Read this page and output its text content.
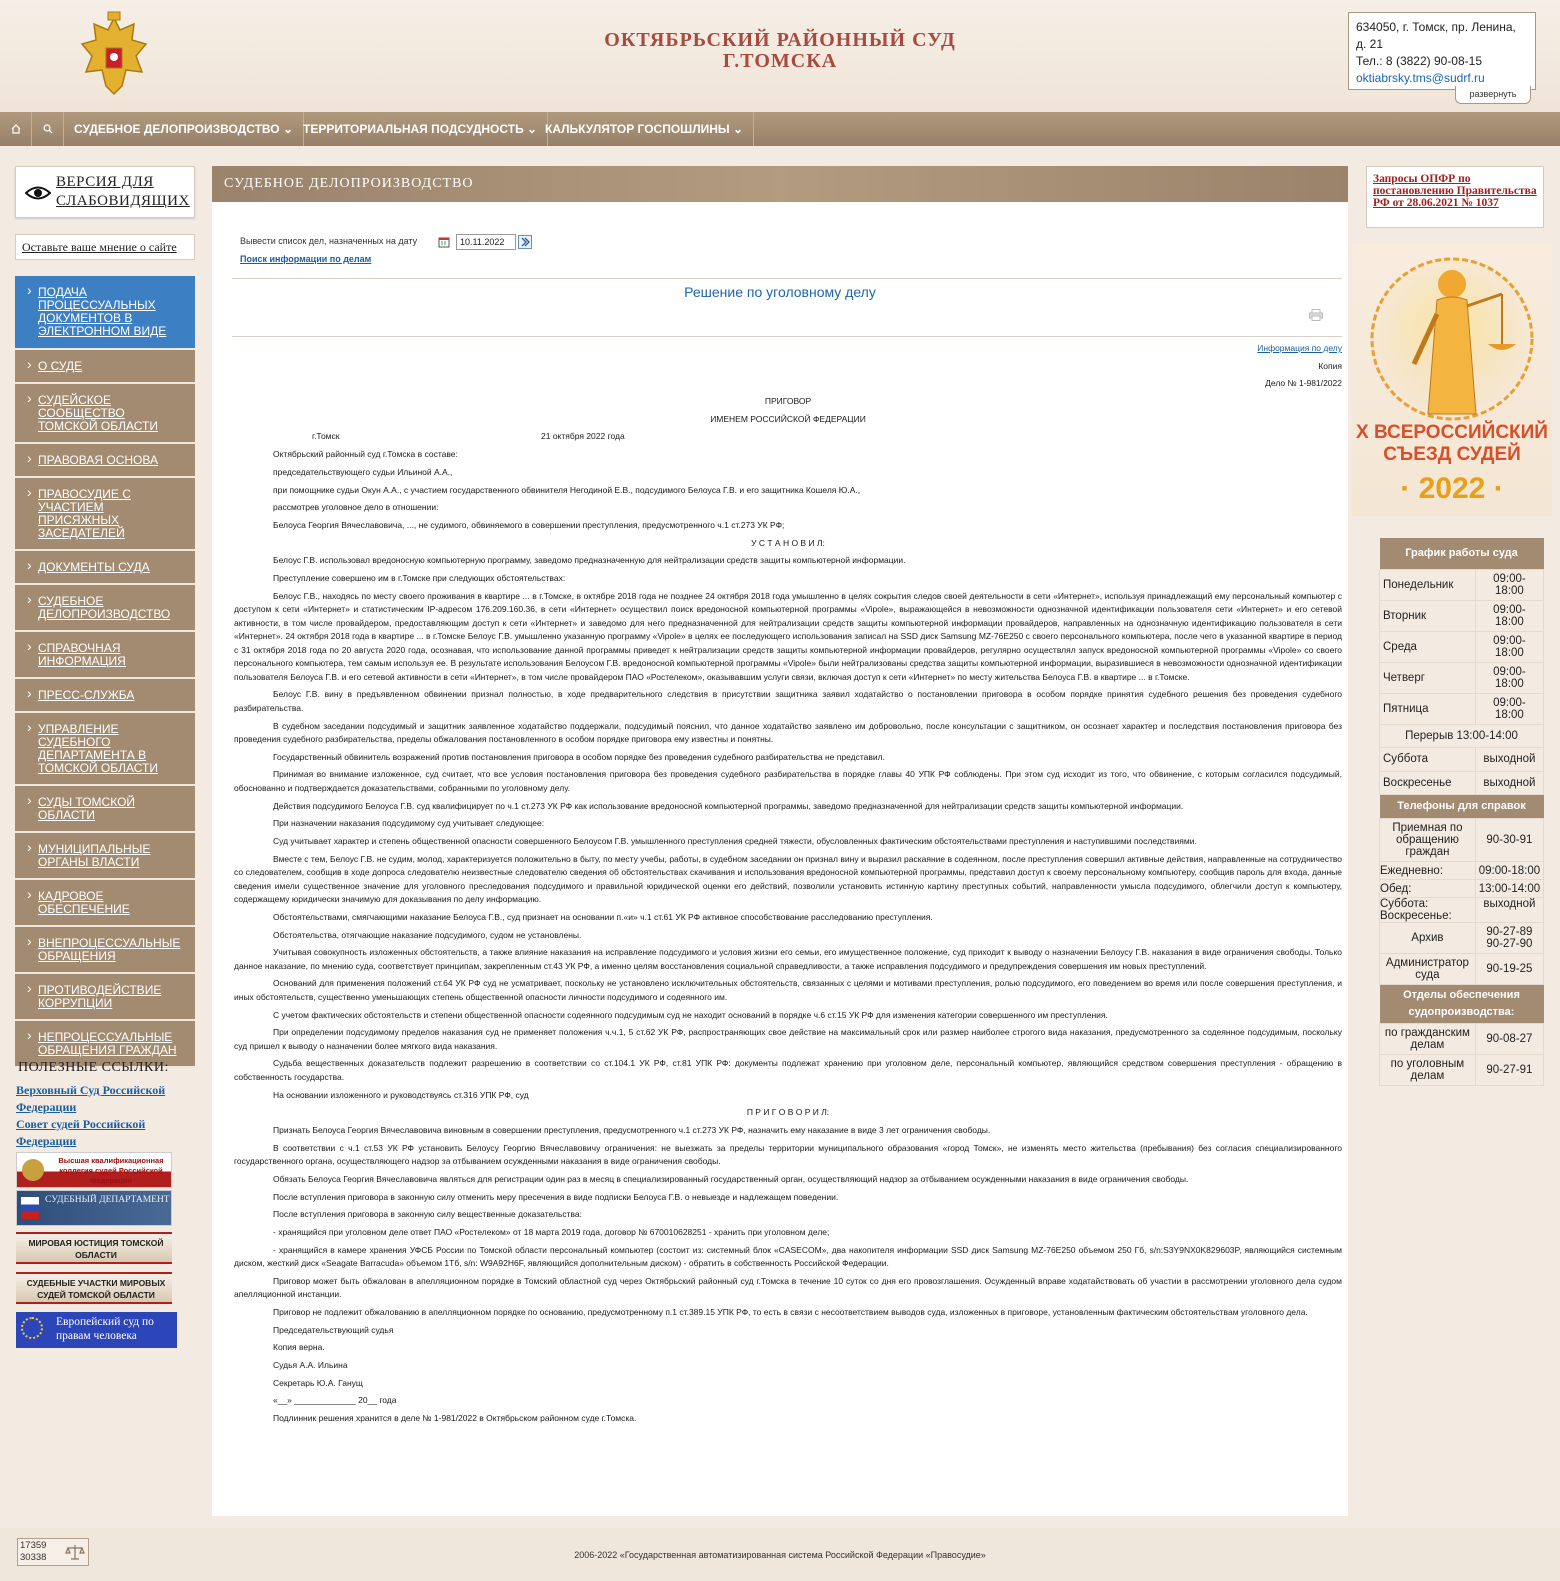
ОКТЯБРЬСКИЙ РАЙОННЫЙ СУД
Г.ТОМСКА
634050, г. Томск, пр. Ленина,
д. 21
Тел.: 8 (3822) 90-08-15
oktiabrsky.tms@sudrf.ru
развернуть
СУДЕБНОЕ ДЕЛОПРОИЗВОДСТВО ⌄ ТЕРРИТОРИАЛЬНАЯ ПОДСУДНОСТЬ ⌄ КАЛЬКУЛЯТОР ГОСПОШЛИНЫ ⌄
ВЕРСИЯ ДЛЯ СЛАБОВИДЯЩИХ
Оставьте ваше мнение о сайте
› ПОДАЧА ПРОЦЕССУАЛЬНЫХ ДОКУМЕНТОВ В ЭЛЕКТРОННОМ ВИДЕ
› О СУДЕ
› СУДЕЙСКОЕ СООБЩЕСТВО ТОМСКОЙ ОБЛАСТИ
› ПРАВОВАЯ ОСНОВА
› ПРАВОСУДИЕ С УЧАСТИЕМ ПРИСЯЖНЫХ ЗАСЕДАТЕЛЕЙ
› ДОКУМЕНТЫ СУДА
› СУДЕБНОЕ ДЕЛОПРОИЗВОДСТВО
› СПРАВОЧНАЯ ИНФОРМАЦИЯ
› ПРЕСС-СЛУЖБА
› УПРАВЛЕНИЕ СУДЕБНОГО ДЕПАРТАМЕНТА В ТОМСКОЙ ОБЛАСТИ
› СУДЫ ТОМСКОЙ ОБЛАСТИ
› МУНИЦИПАЛЬНЫЕ ОРГАНЫ ВЛАСТИ
› КАДРОВОЕ ОБЕСПЕЧЕНИЕ
› ВНЕПРОЦЕССУАЛЬНЫЕ ОБРАЩЕНИЯ
› ПРОТИВОДЕЙСТВИЕ КОРРУПЦИИ
› НЕПРОЦЕССУАЛЬНЫЕ ОБРАЩЕНИЯ ГРАЖДАН
ПОЛЕЗНЫЕ ССЫЛКИ:
Верховный Суд Российской Федерации
Совет судей Российской Федерации
Высшая квалификационная коллегия судей Российской Федерации
СУДЕБНЫЙ ДЕПАРТАМЕНТ
МИРОВАЯ ЮСТИЦИЯ ТОМСКОЙ ОБЛАСТИ
СУДЕБНЫЕ УЧАСТКИ МИРОВЫХ СУДЕЙ ТОМСКОЙ ОБЛАСТИ
Европейский суд по правам человека
СУДЕБНОЕ ДЕЛОПРОИЗВОДСТВО
Вывести список дел, назначенных на дату	10.11.2022
Поиск информации по делам
Решение по уголовному делу

Информация по делу

Копия

Дело № 1-981/2022

ПРИГОВОР

ИМЕНЕМ РОССИЙСКОЙ ФЕДЕРАЦИИ

г.Томск	21 октября 2022 года

Октябрьский районный суд г.Томска в составе:

председательствующего судьи Ильиной А.А.,

при помощнике судьи Окун А.А., с участием государственного обвинителя Негодиной Е.В., подсудимого Белоуса Г.В. и его защитника Кошеля Ю.А.,

рассмотрев уголовное дело в отношении:

Белоуса Георгия Вячеславовича, ..., не судимого, обвиняемого в совершении преступления, предусмотренного ч.1 ст.273 УК РФ;

У С Т А Н О В И Л:

Белоус Г.В. использовал вредоносную компьютерную программу, заведомо предназначенную для нейтрализации средств защиты компьютерной информации.

Преступление совершено им в г.Томске при следующих обстоятельствах:

Белоус Г.В., находясь по месту своего проживания в квартире ... в г.Томске, в октябре 2018 года не позднее 24 октября 2018 года умышленно в целях сокрытия следов своей деятельности в сети «Интернет», используя принадлежащий ему персональный компьютер с доступом к сети «Интернет» и статистическим IP-адресом 176.209.160.36, в сети «Интернет» осуществил поиск вредоносной компьютерной программы «Vipole», выражающейся в невозможности однозначной идентификации пользователя сети «Интернет» и его сетевой активности, в том числе провайдером, предоставляющим доступ к сети «Интернет» и заведомо для него предназначенной для нейтрализации средств защиты компьютерной информации провайдеров, направленных на однозначную идентификацию пользователя в сети «Интернет». 24 октября 2018 года в квартире ... в г.Томске Белоус Г.В. умышленно указанную программу «Vipole» в целях ее последующего использования записал на SSD диск Samsung MZ-76E250 с своего персонального компьютера, после чего в указанной квартире в период с 31 октября 2018 года по 20 августа 2020 года, осознавая, что использование данной программы приведет к нейтрализации средств защиты компьютерной информации провайдеров, регулярно осуществлял запуск вредоносной компьютерной программы «Vipole» со своего персонального компьютера, тем самым используя ее. В результате использования Белоусом Г.В. вредоносной компьютерной программы «Vipole» были нейтрализованы средства защиты компьютерной информации, выразившиеся в невозможности однозначной идентификации пользователя Белоуса Г.В. и его сетевой активности в сети «Интернет», в том числе провайдером ПАО «Ростелеком», оказывавшим услуги связи, включая доступ к сети «Интернет» по месту жительства Белоуса Г.В. в квартире ... в г.Томске.

Белоус Г.В. вину в предъявленном обвинении признал полностью, в ходе предварительного следствия в присутствии защитника заявил ходатайство о постановлении приговора в особом порядке принятия судебного решения без проведения судебного разбирательства.

В судебном заседании подсудимый и защитник заявленное ходатайство поддержали, подсудимый пояснил, что данное ходатайство заявлено им добровольно, после консультации с защитником, он осознает характер и последствия постановления приговора без проведения судебного разбирательства, пределы обжалования постановленного в особом порядке приговора ему известны и понятны.

Государственный обвинитель возражений против постановления приговора в особом порядке без проведения судебного разбирательства не представил.

Принимая во внимание изложенное, суд считает, что все условия постановления приговора без проведения судебного разбирательства в порядке главы 40 УПК РФ соблюдены. При этом суд исходит из того, что обвинение, с которым согласился подсудимый, обоснованно и подтверждается доказательствами, собранными по уголовному делу.

Действия подсудимого Белоуса Г.В. суд квалифицирует по ч.1 ст.273 УК РФ как использование вредоносной компьютерной программы, заведомо предназначенной для нейтрализации средств защиты компьютерной информации.

При назначении наказания подсудимому суд учитывает следующее:

Суд учитывает характер и степень общественной опасности совершенного Белоусом Г.В. умышленного преступления средней тяжести, обусловленных фактическим обстоятельствами преступления и наступившими последствиями.

Вместе с тем, Белоус Г.В. не судим, молод, характеризуется положительно в быту, по месту учебы, работы, в судебном заседании он признал вину и выразил раскаяние в содеянном, после преступления совершил активные действия, направленные на сотрудничество со следователем, сообщив в ходе допроса следователю неизвестные следователю сведения об обстоятельствах скачивания и использования вредоносной компьютерной программы, представил доступ к своему персональному компьютеру, сообщив пароль для входа, данные сведения имели существенное значение для уголовного преследования подсудимого и правильной юридической оценки его действий, позволили установить истинную картину преступных событий, направленности умысла подсудимого, облегчили доступ к компьютеру, содержащему юридически значимую для доказывания по делу информацию.

Обстоятельствами, смягчающими наказание Белоуса Г.В., суд признает на основании п.«и» ч.1 ст.61 УК РФ активное способствование расследованию преступления.

Обстоятельства, отягчающие наказание подсудимого, судом не установлены.

Учитывая совокупность изложенных обстоятельств, а также влияние наказания на исправление подсудимого и условия жизни его семьи, его имущественное положение, суд приходит к выводу о назначении Белоусу Г.В. наказания в виде ограничения свободы. Только данное наказание, по мнению суда, соответствует принципам, закрепленным ст.43 УК РФ, а именно целям восстановления социальной справедливости, а также исправления подсудимого и предупреждения совершения им новых преступлений.

Оснований для применения положений ст.64 УК РФ суд не усматривает, поскольку не установлено исключительных обстоятельств, связанных с целями и мотивами преступления, ролью подсудимого, его поведением во время или после совершения преступления, и иных обстоятельств, существенно уменьшающих степень общественной опасности личности подсудимого и содеянного им.

С учетом фактических обстоятельств и степени общественной опасности содеянного подсудимым суд не находит оснований в порядке ч.6 ст.15 УК РФ для изменения категории совершенного им преступления.

При определении подсудимому пределов наказания суд не применяет положения ч.ч.1, 5 ст.62 УК РФ, распространяющих свое действие на максимальный срок или размер наиболее строгого вида наказания, предусмотренного за содеянное подсудимым, поскольку суд пришел к выводу о назначении более мягкого вида наказания.

Судьба вещественных доказательств подлежит разрешению в соответствии со ст.104.1 УК РФ, ст.81 УПК РФ: документы подлежат хранению при уголовном деле, персональный компьютер, являющийся средством совершения преступления - обращению в собственность государства.

На основании изложенного и руководствуясь ст.316 УПК РФ, суд

П Р И Г О В О Р И Л:

Признать Белоуса Георгия Вячеславовича виновным в совершении преступления, предусмотренного ч.1 ст.273 УК РФ, назначить ему наказание в виде 3 лет ограничения свободы.

В соответствии с ч.1 ст.53 УК РФ установить Белоусу Георгию Вячеславовичу ограничения: не выезжать за пределы территории муниципального образования «город Томск», не изменять место жительства (пребывания) без согласия специализированного государственного органа, осуществляющего надзор за отбыванием осужденными наказания в виде ограничения свободы.

Обязать Белоуса Георгия Вячеславовича являться для регистрации один раз в месяц в специализированный государственный орган, осуществляющий надзор за отбыванием осужденными наказания в виде ограничения свободы.

После вступления приговора в законную силу отменить меру пресечения в виде подписки Белоуса Г.В. о невыезде и надлежащем поведении.

После вступления приговора в законную силу вещественные доказательства:

- хранящийся при уголовном деле ответ ПАО «Ростелеком» от 18 марта 2019 года, договор № 670010628251 - хранить при уголовном деле;

- хранящийся в камере хранения УФСБ России по Томской области персональный компьютер (состоит из: системный блок «CASECOM», два накопителя информации SSD диск Samsung MZ-76E250 объемом 250 Гб, s/n:S3Y9NX0K829603P, являющийся системным диском, жесткий диск «Seagate Barracuda» объемом 1Тб, s/n: W9A92H6F, являющийся дополнительным диском) - обратить в собственность Российской Федерации.

Приговор может быть обжалован в апелляционном порядке в Томский областной суд через Октябрьский районный суд г.Томска в течение 10 суток со дня его провозглашения. Осужденный вправе ходатайствовать об участии в рассмотрении уголовного дела судом апелляционной инстанции.

Приговор не подлежит обжалованию в апелляционном порядке по основанию, предусмотренному п.1 ст.389.15 УПК РФ, то есть в связи с несоответствием выводов суда, изложенных в приговоре, установленным фактическим обстоятельствам уголовного дела.

Председательствующий судья

Копия верна.

Судья А.А. Ильина

Секретарь Ю.А. Ганущ

«__» _____________ 20__ года

Подлинник решения хранится в деле № 1-981/2022 в Октябрьском районном суде г.Томска.

Запросы ОПФР по постановлению Правительства РФ от 28.06.2021 № 1037
X ВСЕРОССИЙСКИЙ
СЪЕЗД СУДЕЙ
· 2022 ·
График работы суда	
Понедельник	09:00-18:00
Вторник	09:00-18:00
Среда	09:00-18:00
Четверг	09:00-18:00
Пятница	09:00-18:00
Перерыв 13:00-14:00	
Суббота	выходной
Воскресенье	выходной
Телефоны для справок	
Приемная по обращению граждан	90-30-91
Ежедневно:	09:00-18:00
Обед:	13:00-14:00
Суббота: Воскресенье:	выходной
Архив	90-27-89 90-27-90
Администратор суда	90-19-25
Отделы обеспечения судопроизводства:	
по гражданским делам	90-08-27
по уголовным делам	90-27-91
17359
30338	2006-2022 «Государственная автоматизированная система Российской Федерации «Правосудие»
